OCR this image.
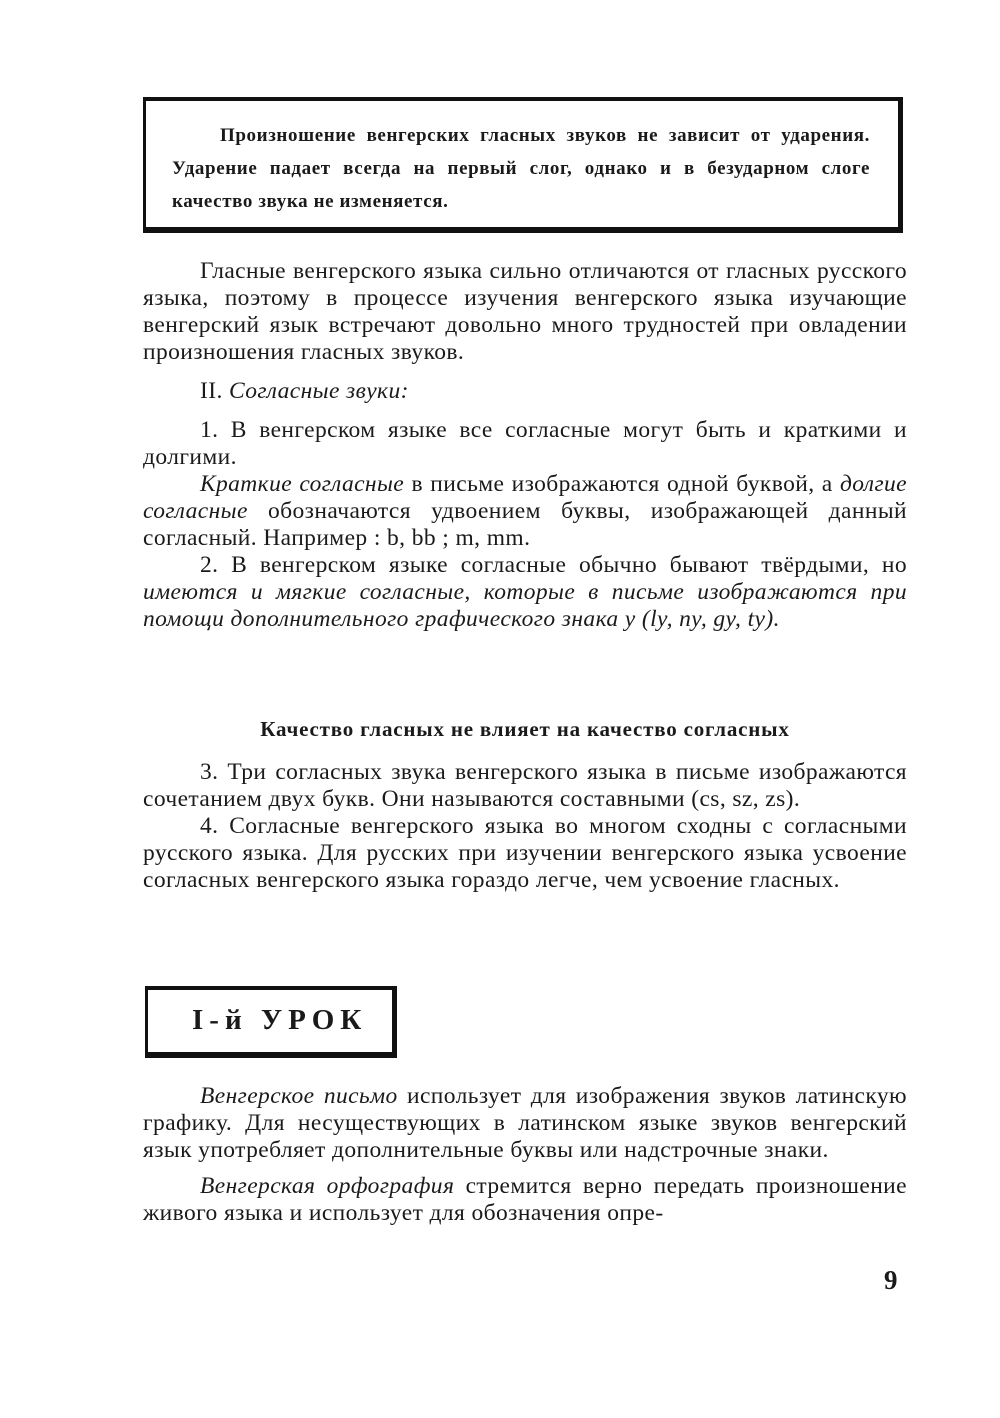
Произношение венгерских гласных звуков не зависит от ударения. Ударение падает всегда на первый слог, однако и в безударном слоге качество звука не изменяется.

Гласные венгерского языка сильно отличаются от гласных русского языка, поэтому в процессе изучения венгерского языка изучающие венгерский язык встречают довольно много трудностей при овладении произношения гласных звуков.

II. Согласные звуки:

1. В венгерском языке все согласные могут быть и краткими и долгими.

Краткие согласные в письме изображаются одной буквой, а долгие согласные обозначаются удвоением буквы, изображающей данный согласный. Например : b, bb ; m, mm.

2. В венгерском языке согласные обычно бывают твёрдыми, но имеются и мягкие согласные, которые в письме изображаются при помощи дополнительного графического знака y (ly, ny, gy, ty).

Качество гласных не влияет на качество согласных

3. Три согласных звука венгерского языка в письме изображаются сочетанием двух букв. Они называются составными (cs, sz, zs).

4. Согласные венгерского языка во многом сходны с согласными русского языка. Для русских при изучении венгерского языка усвоение согласных венгерского языка гораздо легче, чем усвоение гласных.

I-й УРОК

Венгерское письмо использует для изображения звуков латинскую графику. Для несуществующих в латинском языке звуков венгерский язык употребляет дополнительные буквы или надстрочные знаки.

Венгерская орфография стремится верно передать произношение живого языка и использует для обозначения опре-

9
